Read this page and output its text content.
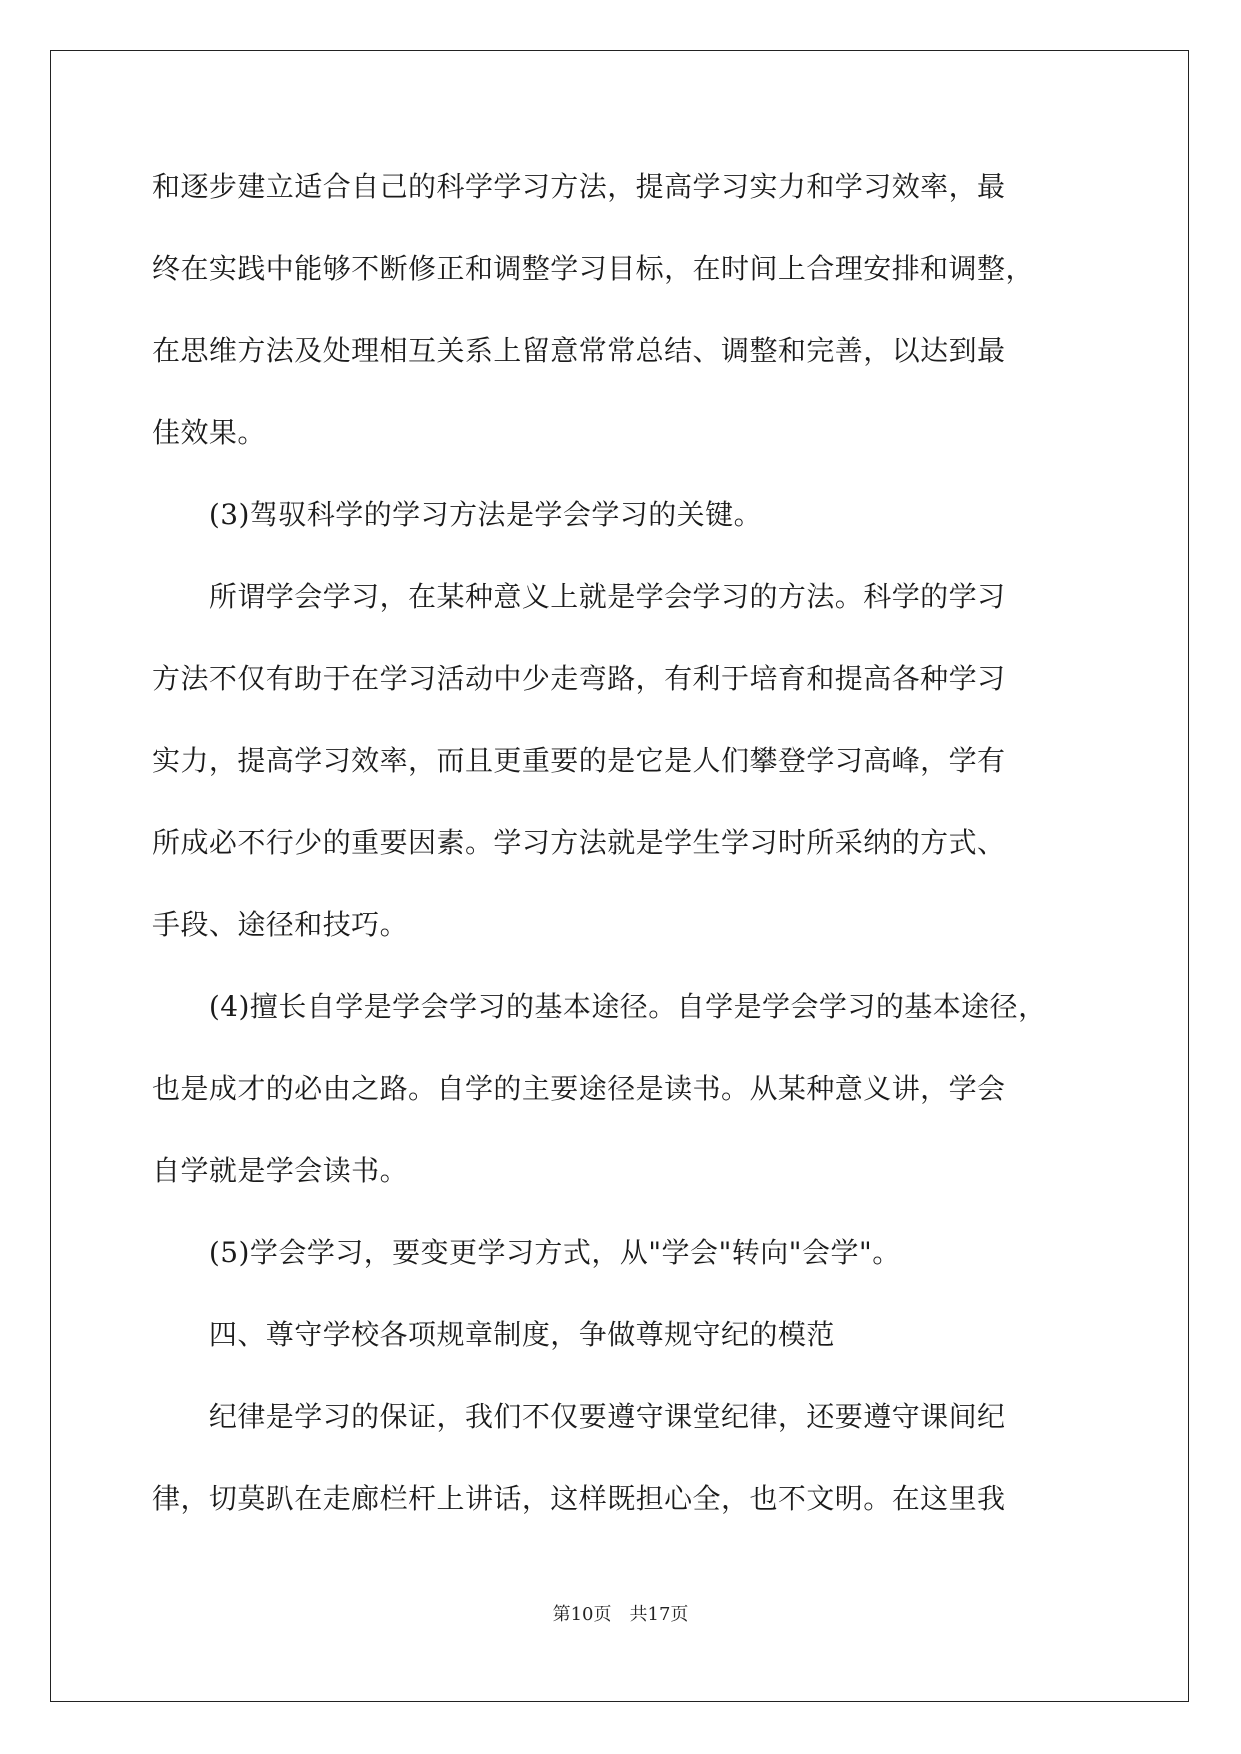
和逐步建立适合自己的科学学习方法，提高学习实力和学习效率，最
终在实践中能够不断修正和调整学习目标，在时间上合理安排和调整，
在思维方法及处理相互关系上留意常常总结、调整和完善，以达到最
佳效果。
　　(3)驾驭科学的学习方法是学会学习的关键。
　　所谓学会学习，在某种意义上就是学会学习的方法。科学的学习
方法不仅有助于在学习活动中少走弯路，有利于培育和提高各种学习
实力，提高学习效率，而且更重要的是它是人们攀登学习高峰，学有
所成必不行少的重要因素。学习方法就是学生学习时所采纳的方式、
手段、途径和技巧。
　　(4)擅长自学是学会学习的基本途径。自学是学会学习的基本途径，
也是成才的必由之路。自学的主要途径是读书。从某种意义讲，学会
自学就是学会读书。
　　(5)学会学习，要变更学习方式，从"学会"转向"会学"。
　　四、尊守学校各项规章制度，争做尊规守纪的模范
　　纪律是学习的保证，我们不仅要遵守课堂纪律，还要遵守课间纪
律，切莫趴在走廊栏杆上讲话，这样既担心全，也不文明。在这里我
第10页　共17页
